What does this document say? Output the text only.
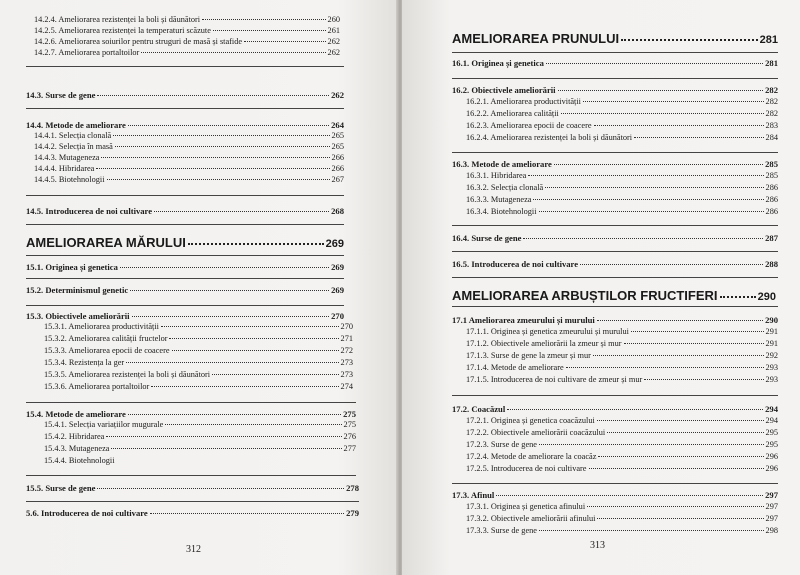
14.2.4. Ameliorarea rezistenței la boli și dăunători	260
14.2.5. Ameliorarea rezistenței la temperaturi scăzute	261
14.2.6. Ameliorarea soiurilor pentru struguri de masă și stafide	262
14.2.7. Ameliorarea portaltoilor	262
14.3. Surse de gene	262
14.4. Metode de ameliorare	264
14.4.1. Selecția clonală	265
14.4.2. Selecția în masă	265
14.4.3. Mutageneza	266
14.4.4. Hibridarea	266
14.4.5. Biotehnologii	267
14.5. Introducerea de noi cultivare	268
AMELIORAREA MĂRULUI	269
15.1. Originea și genetica	269
15.2. Determinismul genetic	269
15.3. Obiectivele ameliorării	270
15.3.1. Ameliorarea productivității	270
15.3.2. Ameliorarea calității fructelor	271
15.3.3. Ameliorarea epocii de coacere	272
15.3.4. Rezistența la ger	273
15.3.5. Ameliorarea rezistenței la boli și dăunători	273
15.3.6. Ameliorarea portaltoilor	274
15.4. Metode de ameliorare	275
15.4.1. Selecția variațiilor mugurale	275
15.4.2. Hibridarea	276
15.4.3. Mutageneza	277
15.4.4. Biotehnologii
15.5. Surse de gene	278
5.6. Introducerea de noi cultivare	279
312
AMELIORAREA PRUNULUI	281
16.1. Originea și genetica	281
16.2. Obiectivele ameliorării	282
16.2.1. Ameliorarea productivității	282
16.2.2. Ameliorarea calității	282
16.2.3. Ameliorarea epocii de coacere	283
16.2.4. Ameliorarea rezistenței la boli și dăunători	284
16.3. Metode de ameliorare	285
16.3.1. Hibridarea	285
16.3.2. Selecția clonală	286
16.3.3. Mutageneza	286
16.3.4. Biotehnologii	286
16.4. Surse de gene	287
16.5. Introducerea de noi cultivare	288
AMELIORAREA ARBUȘTILOR FRUCTIFERI	290
17.1 Ameliorarea zmeurului și murului	290
17.1.1. Originea și genetica zmeurului și murului	291
17.1.2. Obiectivele ameliorării la zmeur și mur	291
17.1.3. Surse de gene la zmeur și mur	292
17.1.4. Metode de ameliorare	293
17.1.5. Introducerea de noi cultivare de zmeur și mur	293
17.2. Coacăzul	294
17.2.1. Originea și genetica coacăzului	294
17.2.2. Obiectivele ameliorării coacăzului	295
17.2.3. Surse de gene	295
17.2.4. Metode de ameliorare la coacăz	296
17.2.5. Introducerea de noi cultivare	296
17.3. Afinul	297
17.3.1. Originea și genetica afinului	297
17.3.2. Obiectivele ameliorării afinului	297
17.3.3. Surse de gene	298
313
